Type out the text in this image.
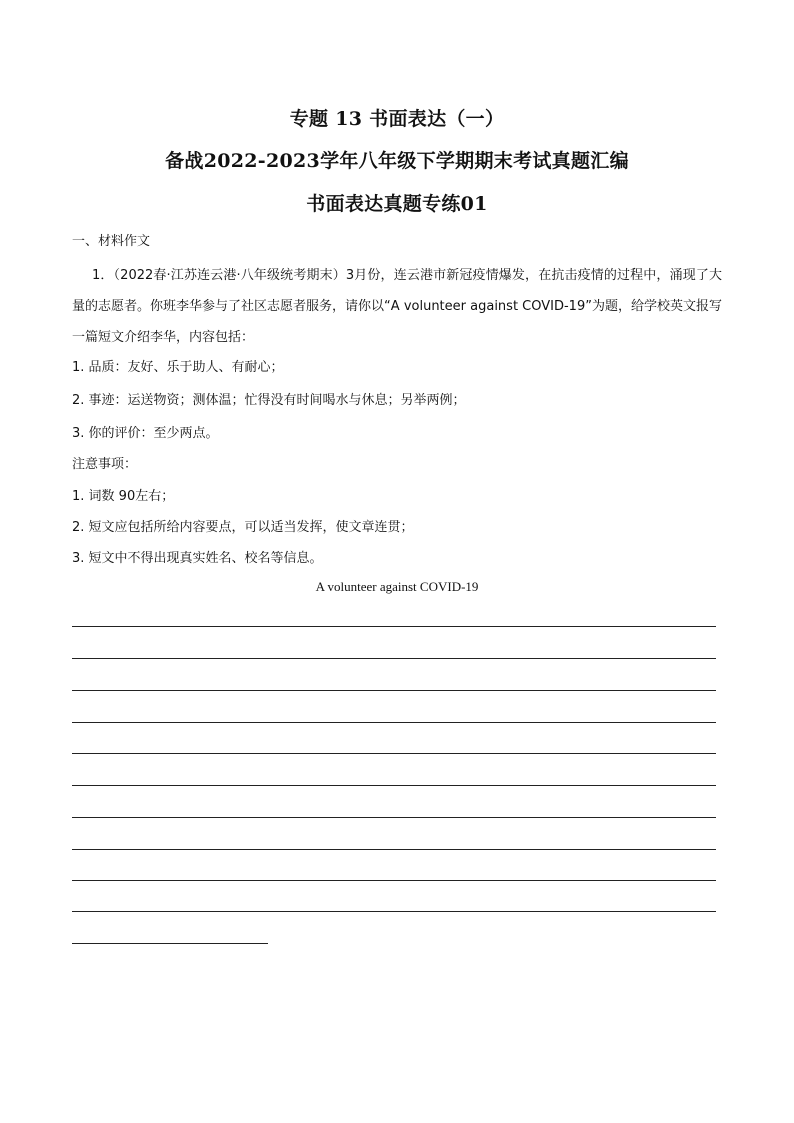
专题 13 书面表达（一）
备战2022-2023学年八年级下学期期末考试真题汇编
书面表达真题专练01
一、材料作文
1．（2022春·江苏连云港·八年级统考期末）3月份，连云港市新冠疫情爆发，在抗击疫情的过程中，涌现了大量的志愿者。你班李华参与了社区志愿者服务，请你以“A volunteer against COVID-19”为题，给学校英文报写一篇短文介绍李华，内容包括：
1. 品质：友好、乐于助人、有耐心；
2. 事迹：运送物资；测体温；忙得没有时间喝水与休息；另举两例；
3. 你的评价：至少两点。
注意事项：
1. 词数 90左右；
2. 短文应包括所给内容要点，可以适当发挥，使文章连贯；
3. 短文中不得出现真实姓名、校名等信息。
A volunteer against COVID-19
